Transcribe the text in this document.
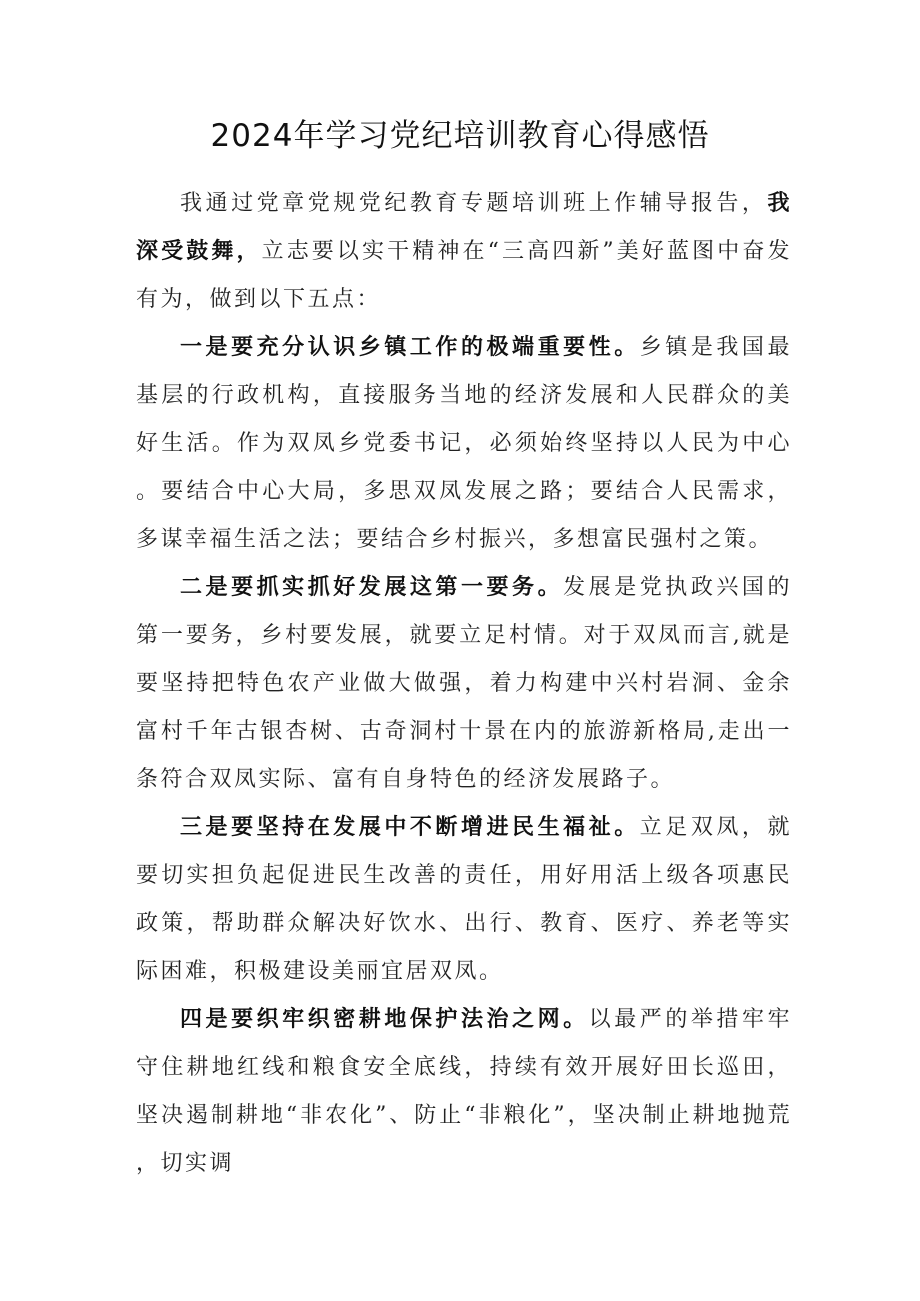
2024年学习党纪培训教育心得感悟

我通过党章党规党纪教育专题培训班上作辅导报告，我深受鼓舞，立志要以实干精神在“三高四新”美好蓝图中奋发有为，做到以下五点：

一是要充分认识乡镇工作的极端重要性。乡镇是我国最基层的行政机构，直接服务当地的经济发展和人民群众的美好生活。作为双凤乡党委书记，必须始终坚持以人民为中心。要结合中心大局，多思双凤发展之路；要结合人民需求，多谋幸福生活之法；要结合乡村振兴，多想富民强村之策。

二是要抓实抓好发展这第一要务。发展是党执政兴国的第一要务，乡村要发展，就要立足村情。对于双凤而言,就是要坚持把特色农产业做大做强，着力构建中兴村岩洞、金余富村千年古银杏树、古奇洞村十景在内的旅游新格局,走出一条符合双凤实际、富有自身特色的经济发展路子。

三是要坚持在发展中不断增进民生福祉。立足双凤，就要切实担负起促进民生改善的责任，用好用活上级各项惠民政策，帮助群众解决好饮水、出行、教育、医疗、养老等实际困难，积极建设美丽宜居双凤。

四是要织牢织密耕地保护法治之网。以最严的举措牢牢守住耕地红线和粮食安全底线，持续有效开展好田长巡田，坚决遏制耕地“非农化”、防止“非粮化”，坚决制止耕地抛荒，切实调
